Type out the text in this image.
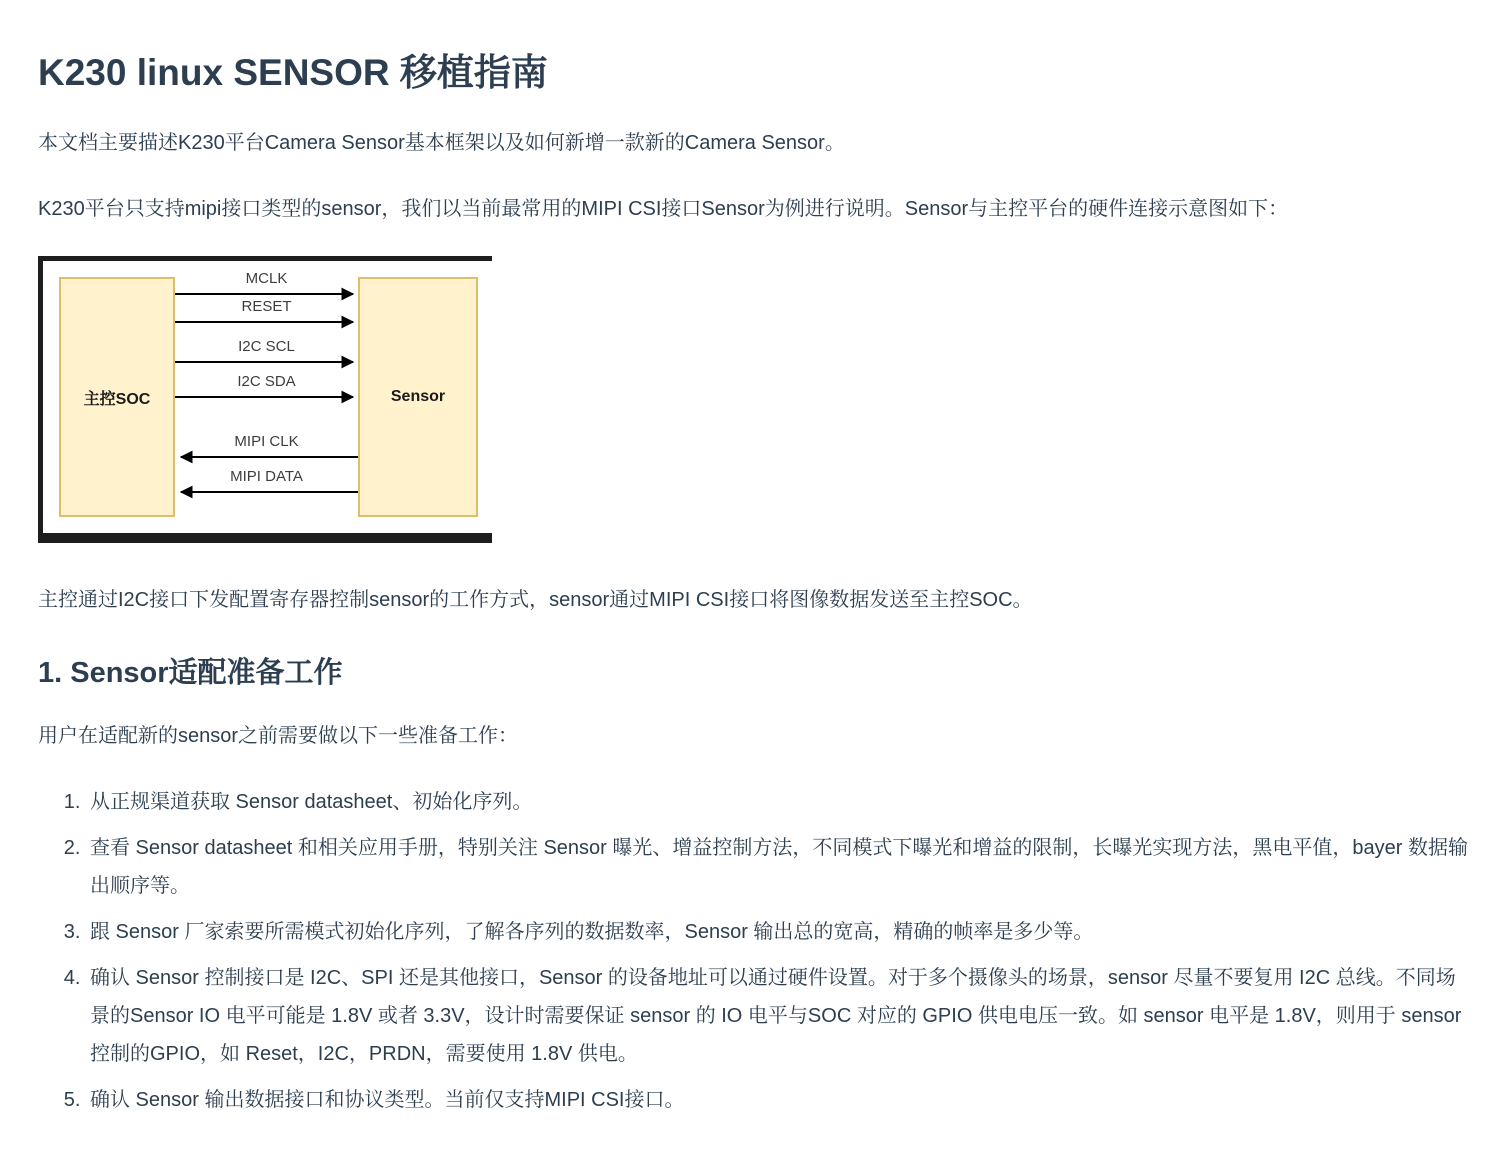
K230 linux SENSOR 移植指南

本文档主要描述K230平台Camera Sensor基本框架以及如何新增一款新的Camera Sensor。

K230平台只支持mipi接口类型的sensor，我们以当前最常用的MIPI CSI接口Sensor为例进行说明。Sensor与主控平台的硬件连接示意图如下：

主控SOC	Sensor
MCLK
RESET
I2C SCL
I2C SDA
MIPI CLK
MIPI DATA

主控通过I2C接口下发配置寄存器控制sensor的工作方式，sensor通过MIPI CSI接口将图像数据发送至主控SOC。

1. Sensor适配准备工作

用户在适配新的sensor之前需要做以下一些准备工作：

1. 从正规渠道获取 Sensor datasheet、初始化序列。
2. 查看 Sensor datasheet 和相关应用手册，特别关注 Sensor 曝光、增益控制方法，不同模式下曝光和增益的限制，长曝光实现方法，黑电平值，bayer 数据输出顺序等。
3. 跟 Sensor 厂家索要所需模式初始化序列，了解各序列的数据数率，Sensor 输出总的宽高，精确的帧率是多少等。
4. 确认 Sensor 控制接口是 I2C、SPI 还是其他接口，Sensor 的设备地址可以通过硬件设置。对于多个摄像头的场景，sensor 尽量不要复用 I2C 总线。不同场景的Sensor IO 电平可能是 1.8V 或者 3.3V，设计时需要保证 sensor 的 IO 电平与SOC 对应的 GPIO 供电电压一致。如 sensor 电平是 1.8V，则用于 sensor 控制的GPIO，如 Reset，I2C，PRDN，需要使用 1.8V 供电。
5. 确认 Sensor 输出数据接口和协议类型。当前仅支持MIPI CSI接口。
